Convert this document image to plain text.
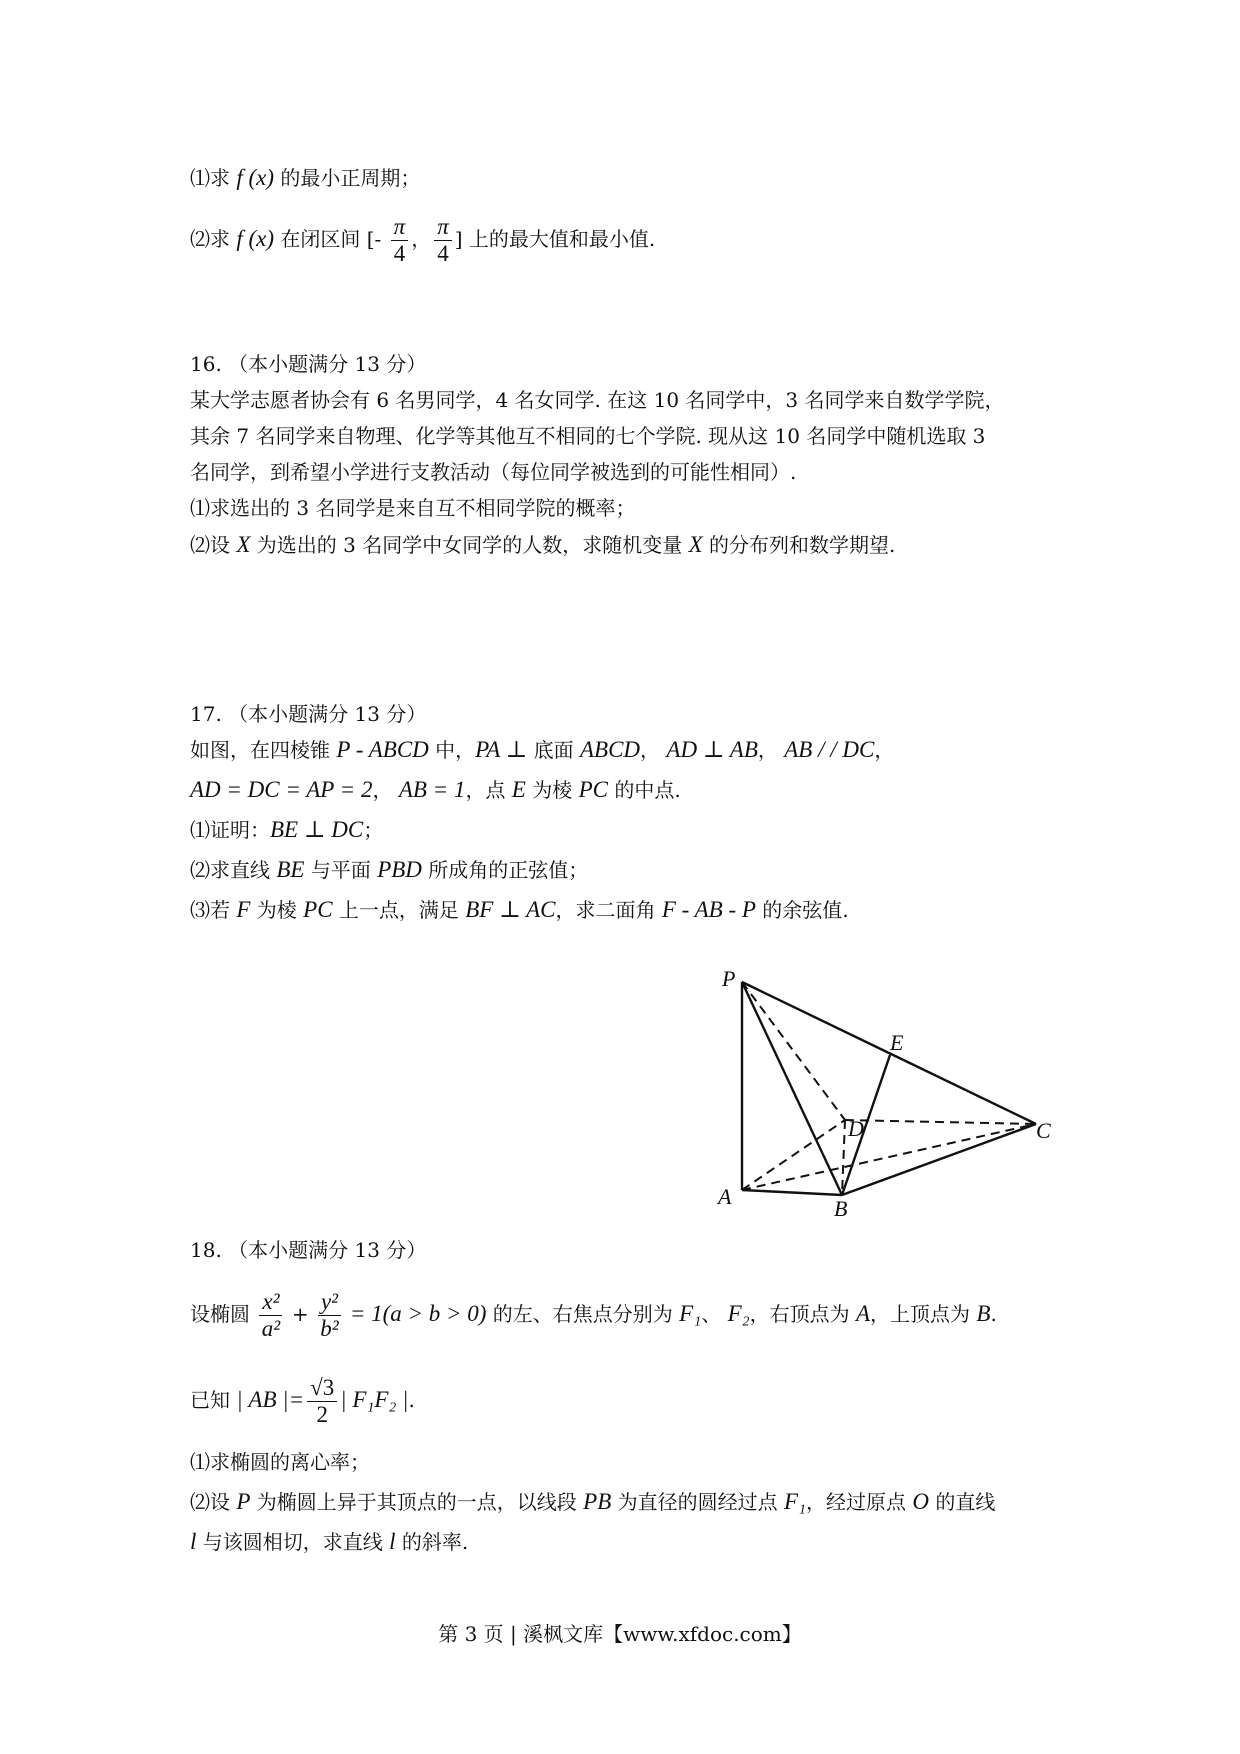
⑴求 f (x) 的最小正周期；
⑵求 f (x) 在闭区间 [- $\frac{\pi}{4}$ ， $\frac{\pi}{4}$ ] 上的最大值和最小值.
16. （本小题满分 13 分）
某大学志愿者协会有 6 名男同学，4 名女同学. 在这 10 名同学中，3 名同学来自数学学院，
其余 7 名同学来自物理、化学等其他互不相同的七个学院. 现从这 10 名同学中随机选取 3
名同学，到希望小学进行支教活动（每位同学被选到的可能性相同）.
⑴求选出的 3 名同学是来自互不相同学院的概率；
⑵设 X 为选出的 3 名同学中女同学的人数，求随机变量 X 的分布列和数学期望.
17. （本小题满分 13 分）
如图，在四棱锥 P - ABCD 中，PA ⊥ 底面 ABCD， AD ⊥ AB， AB / / DC，
AD = DC = AP = 2， AB = 1，点 E 为棱 PC 的中点.
⑴证明：BE ⊥ DC；
⑵求直线 BE 与平面 PBD 所成角的正弦值；
⑶若 F 为棱 PC 上一点，满足 BF ⊥ AC，求二面角 F - AB - P 的余弦值.
P
A	B
C
D
E
18. （本小题满分 13 分）
设椭圆 $\frac{\text{x²}}{\text{a²}} + \frac{\text{y²}}{\text{b²}} = 1(a > b > 0)$ 的左、右焦点分别为 F₁、 F₂，右顶点为 A，上顶点为 B.
已知 | AB |= $\frac{√3}{2}$ | F₁F₂ |.
⑴求椭圆的离心率；
⑵设 P 为椭圆上异于其顶点的一点，以线段 PB 为直径的圆经过点 F₁，经过原点 O 的直线
l 与该圆相切，求直线 l 的斜率.
第 3 页 | 溪枫文库【www.xfdoc.com】
